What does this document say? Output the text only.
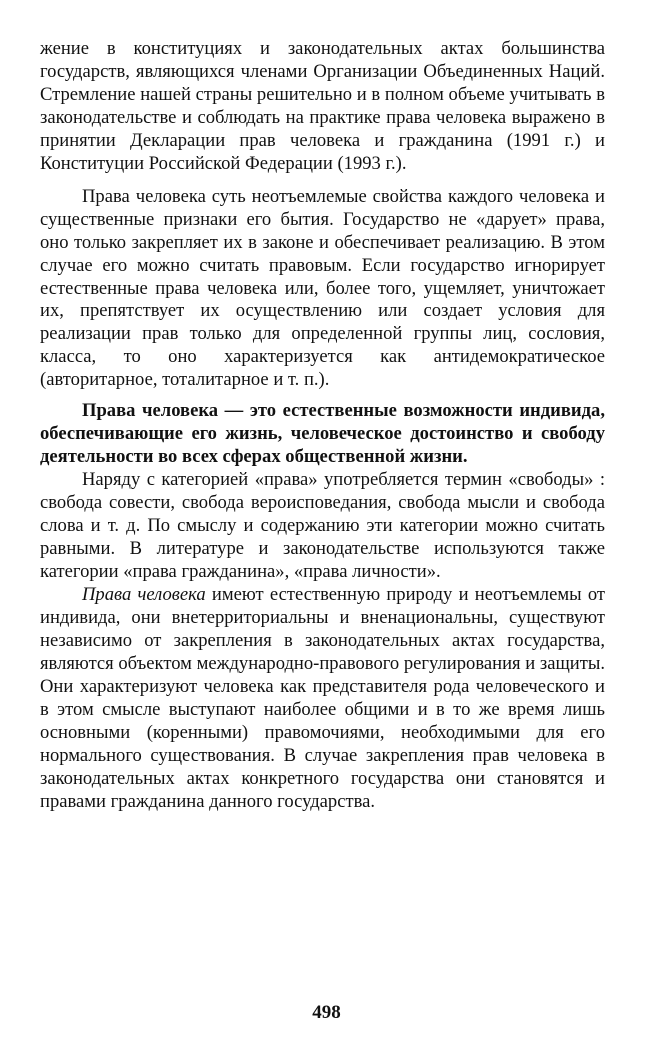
жение в конституциях и законодательных актах большинства государств, являющихся членами Организации Объединенных Наций. Стремление нашей страны решительно и в полном объеме учитывать в законодательстве и соблюдать на практике права человека выражено в принятии Декларации прав человека и гражданина (1991 г.) и Конституции Российской Федерации (1993 г.).

Права человека суть неотъемлемые свойства каждого человека и существенные признаки его бытия. Государство не «дарует» права, оно только закрепляет их в законе и обеспечивает реализацию. В этом случае его можно считать правовым. Если государство игнорирует естественные права человека или, более того, ущемляет, уничтожает их, препятствует их осуществлению или создает условия для реализации прав только для определенной группы лиц, сословия, класса, то оно характеризуется как антидемократическое (авторитарное, тоталитарное и т. п.).

Права человека — это естественные возможности индивида, обеспечивающие его жизнь, человеческое достоинство и свободу деятельности во всех сферах общественной жизни.

Наряду с категорией «права» употребляется термин «свободы» : свобода совести, свобода вероисповедания, свобода мысли и свобода слова и т. д. По смыслу и содержанию эти категории можно считать равными. В литературе и законодательстве используются также категории «права гражданина», «права личности».

Права человека имеют естественную природу и неотъемлемы от индивида, они внетерриториальны и вненациональны, существуют независимо от закрепления в законодательных актах государства, являются объектом международно-правового регулирования и защиты. Они характеризуют человека как представителя рода человеческого и в этом смысле выступают наиболее общими и в то же время лишь основными (коренными) правомочиями, необходимыми для его нормального существования. В случае закрепления прав человека в законодательных актах конкретного государства они становятся и правами гражданина данного государства.

498
